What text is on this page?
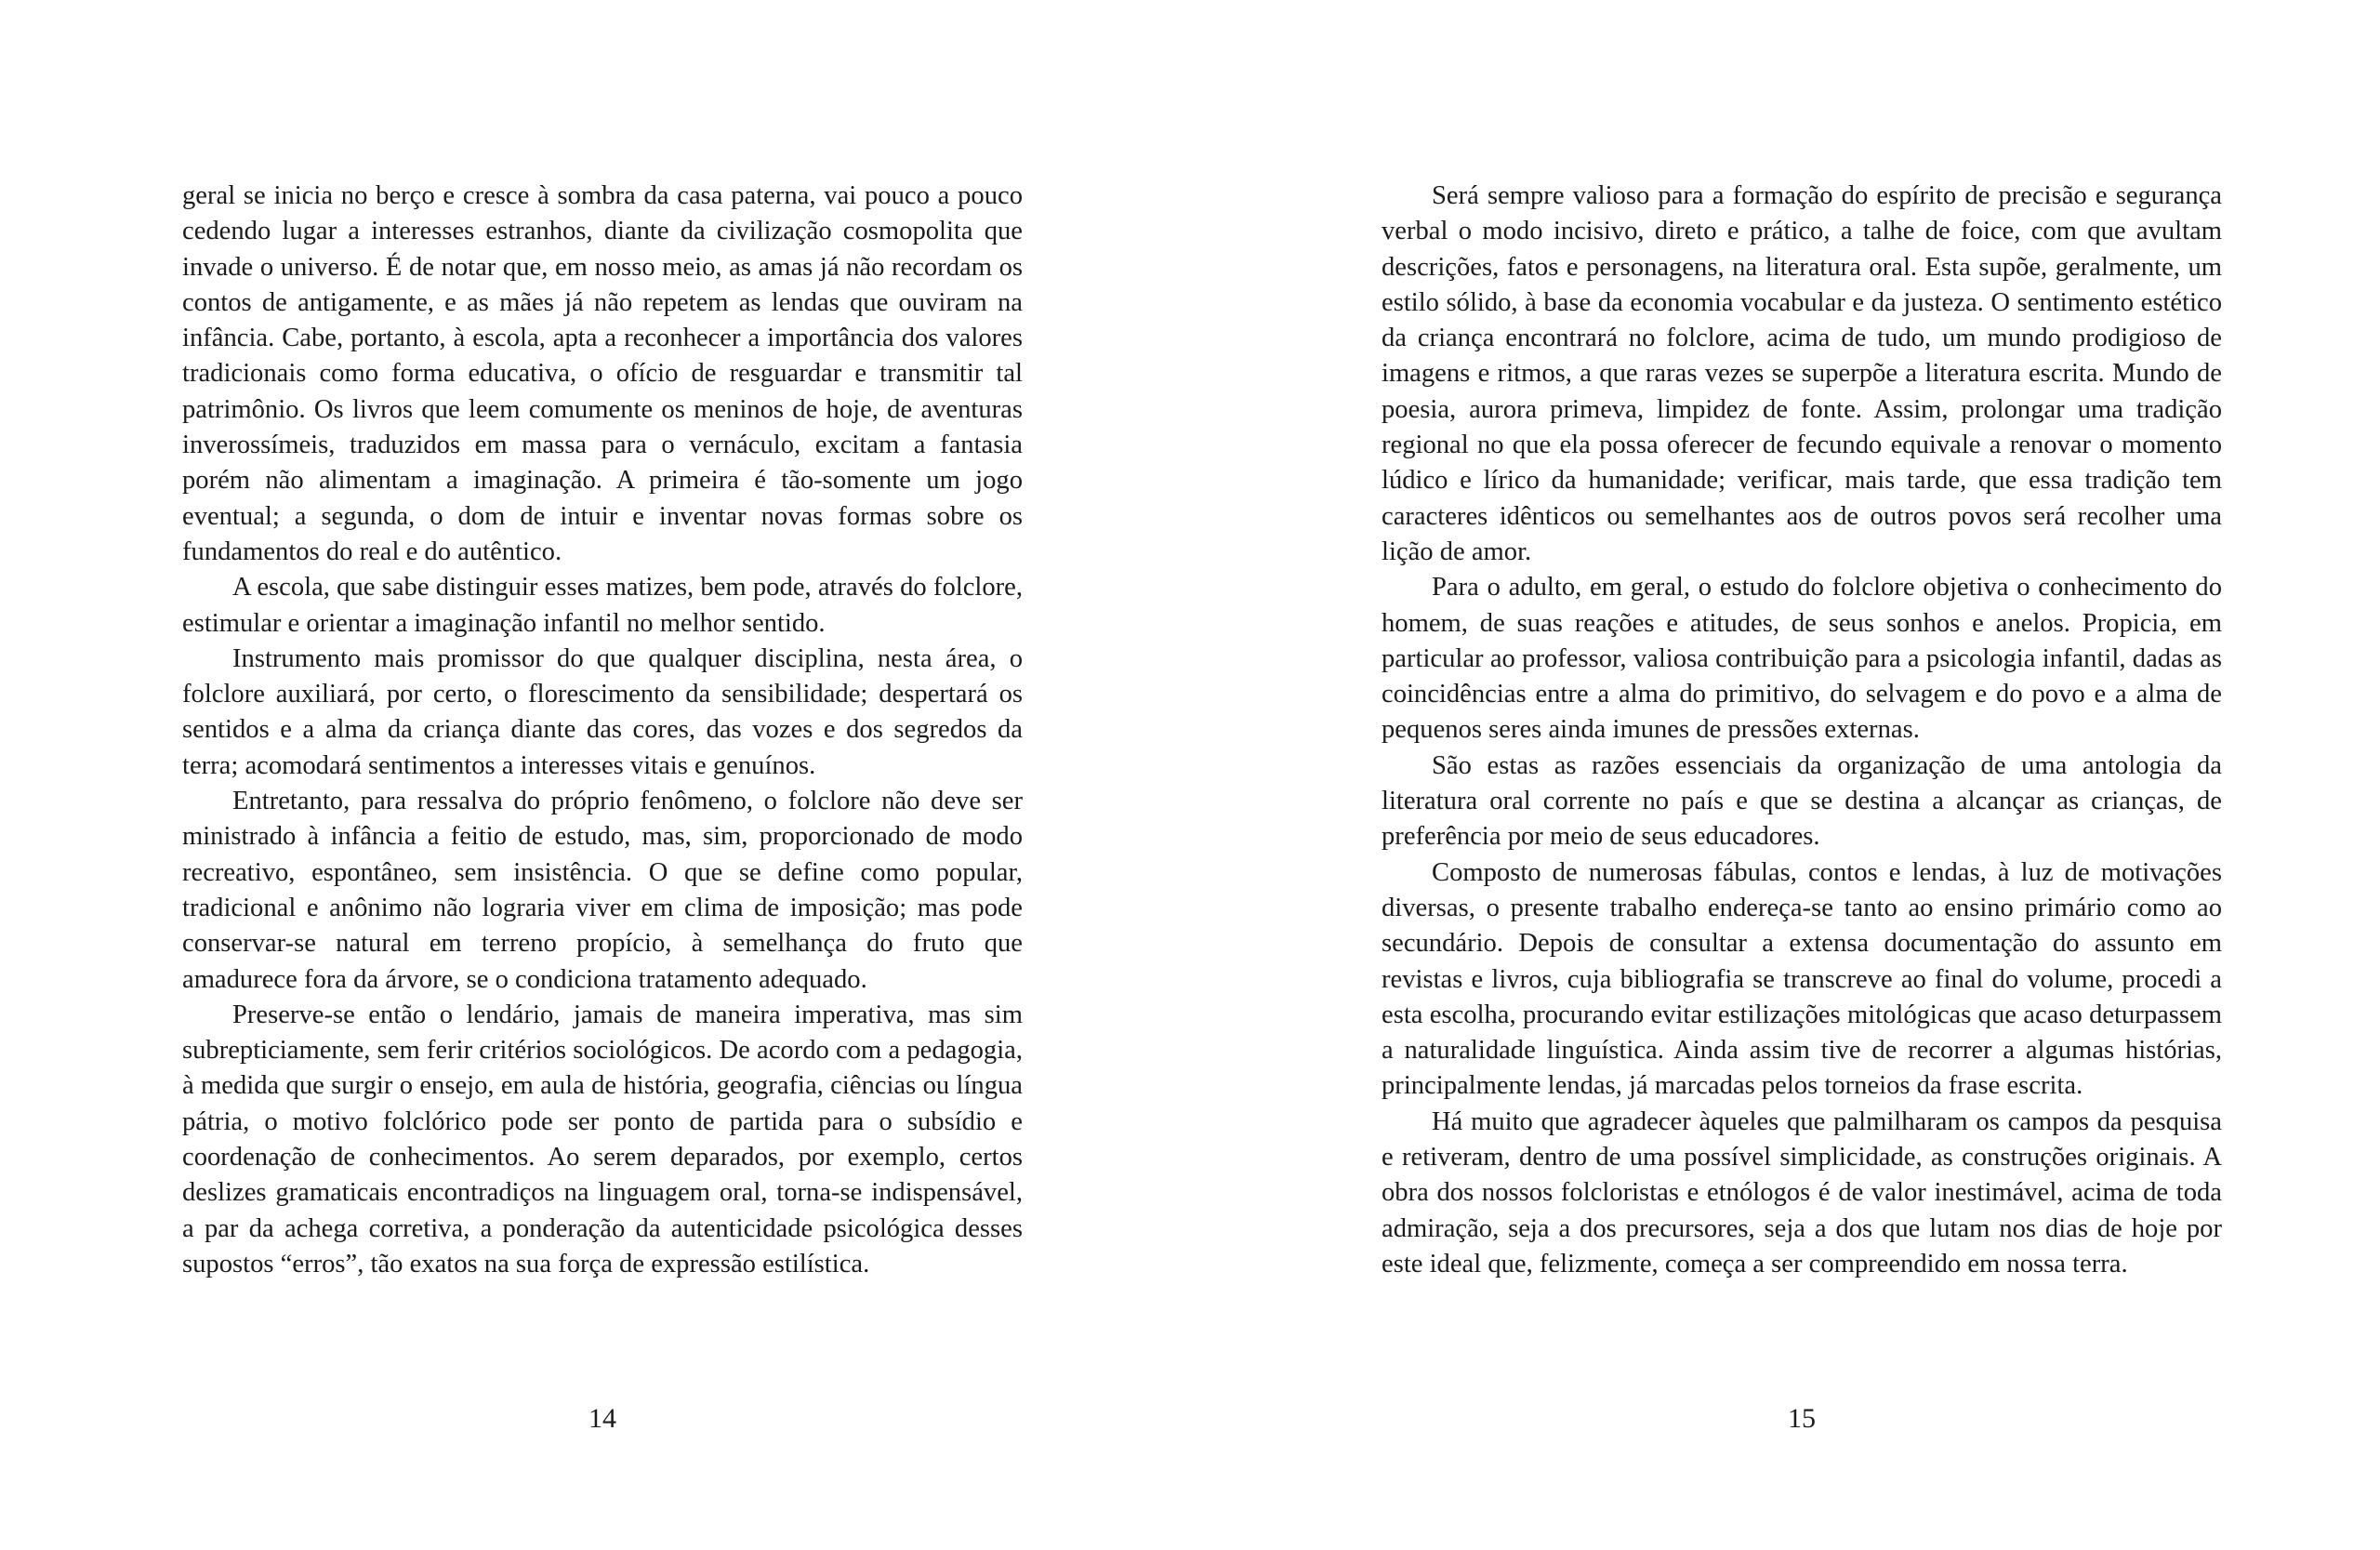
geral se inicia no berço e cresce à sombra da casa paterna, vai pouco a pouco cedendo lugar a interesses estranhos, diante da civilização cosmopolita que invade o universo. É de notar que, em nosso meio, as amas já não recordam os contos de antigamente, e as mães já não repetem as lendas que ouviram na infância. Cabe, portanto, à escola, apta a reconhecer a importância dos valores tradicionais como forma educativa, o ofício de resguardar e transmitir tal patrimônio. Os livros que leem comumente os meninos de hoje, de aventuras inverossímeis, traduzidos em massa para o vernáculo, excitam a fantasia porém não alimentam a imaginação. A primeira é tão-somente um jogo eventual; a segunda, o dom de intuir e inventar novas formas sobre os fundamentos do real e do autêntico.

A escola, que sabe distinguir esses matizes, bem pode, através do folclore, estimular e orientar a imaginação infantil no melhor sentido.

Instrumento mais promissor do que qualquer disciplina, nesta área, o folclore auxiliará, por certo, o florescimento da sensibilidade; despertará os sentidos e a alma da criança diante das cores, das vozes e dos segredos da terra; acomodará sentimentos a interesses vitais e genuínos.

Entretanto, para ressalva do próprio fenômeno, o folclore não deve ser ministrado à infância a feitio de estudo, mas, sim, proporcionado de modo recreativo, espontâneo, sem insistência. O que se define como popular, tradicional e anônimo não lograria viver em clima de imposição; mas pode conservar-se natural em terreno propício, à semelhança do fruto que amadurece fora da árvore, se o condiciona tratamento adequado.

Preserve-se então o lendário, jamais de maneira imperativa, mas sim subrepticiamente, sem ferir critérios sociológicos. De acordo com a pedagogia, à medida que surgir o ensejo, em aula de história, geografia, ciências ou língua pátria, o motivo folclórico pode ser ponto de partida para o subsídio e coordenação de conhecimentos. Ao serem deparados, por exemplo, certos deslizes gramaticais encontradiços na linguagem oral, torna-se indispensável, a par da achega corretiva, a ponderação da autenticidade psicológica desses supostos “erros”, tão exatos na sua força de expressão estilística.

14

Será sempre valioso para a formação do espírito de precisão e segurança verbal o modo incisivo, direto e prático, a talhe de foice, com que avultam descrições, fatos e personagens, na literatura oral. Esta supõe, geralmente, um estilo sólido, à base da economia vocabular e da justeza. O sentimento estético da criança encontrará no folclore, acima de tudo, um mundo prodigioso de imagens e ritmos, a que raras vezes se superpõe a literatura escrita. Mundo de poesia, aurora primeva, limpidez de fonte. Assim, prolongar uma tradição regional no que ela possa oferecer de fecundo equivale a renovar o momento lúdico e lírico da humanidade; verificar, mais tarde, que essa tradição tem caracteres idênticos ou semelhantes aos de outros povos será recolher uma lição de amor.

Para o adulto, em geral, o estudo do folclore objetiva o conhecimento do homem, de suas reações e atitudes, de seus sonhos e anelos. Propicia, em particular ao professor, valiosa contribuição para a psicologia infantil, dadas as coincidências entre a alma do primitivo, do selvagem e do povo e a alma de pequenos seres ainda imunes de pressões externas.

São estas as razões essenciais da organização de uma antologia da literatura oral corrente no país e que se destina a alcançar as crianças, de preferência por meio de seus educadores.

Composto de numerosas fábulas, contos e lendas, à luz de motivações diversas, o presente trabalho endereça-se tanto ao ensino primário como ao secundário. Depois de consultar a extensa documentação do assunto em revistas e livros, cuja bibliografia se transcreve ao final do volume, procedi a esta escolha, procurando evitar estilizações mitológicas que acaso deturpassem a naturalidade linguística. Ainda assim tive de recorrer a algumas histórias, principalmente lendas, já marcadas pelos torneios da frase escrita.

Há muito que agradecer àqueles que palmilharam os campos da pesquisa e retiveram, dentro de uma possível simplicidade, as construções originais. A obra dos nossos folcloristas e etnólogos é de valor inestimável, acima de toda admiração, seja a dos precursores, seja a dos que lutam nos dias de hoje por este ideal que, felizmente, começa a ser compreendido em nossa terra.

15
